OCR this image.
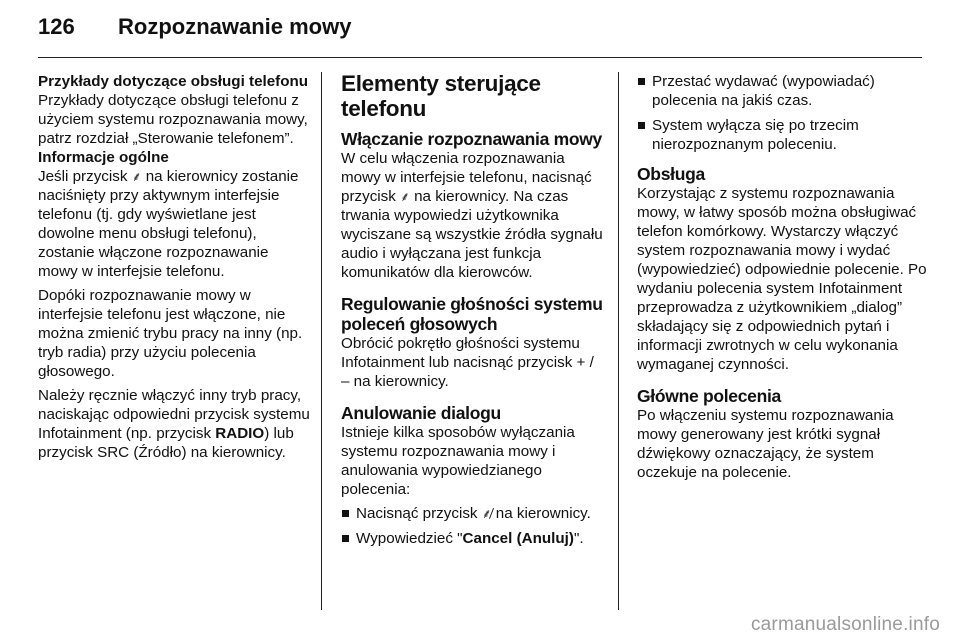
126 Rozpoznawanie mowy
Przykłady dotyczące obsługi telefonu

Przykłady dotyczące obsługi telefonu z użyciem systemu rozpoznawania mowy, patrz rozdział „Sterowanie telefonem”.

Informacje ogólne

Jeśli przycisk ⸙ na kierownicy zostanie naciśnięty przy aktywnym interfejsie telefonu (tj. gdy wyświetlane jest dowolne menu obsługi telefonu), zostanie włączone rozpoznawanie mowy w interfejsie telefonu.

Dopóki rozpoznawanie mowy w interfejsie telefonu jest włączone, nie można zmienić trybu pracy na inny (np. tryb radia) przy użyciu polecenia głosowego.

Należy ręcznie włączyć inny tryb pracy, naciskając odpowiedni przycisk systemu Infotainment (np. przycisk RADIO) lub przycisk SRC (Źródło) na kierownicy.

Elementy sterujące telefonu
Włączanie rozpoznawania mowy

W celu włączenia rozpoznawania mowy w interfejsie telefonu, nacisnąć przycisk ⸙ na kierownicy. Na czas trwania wypowiedzi użytkownika wyciszane są wszystkie źródła sygnału audio i wyłączana jest funkcja komunikatów dla kierowców.

Regulowanie głośności systemu poleceń głosowych

Obrócić pokrętło głośności systemu Infotainment lub nacisnąć przycisk + / – na kierownicy.

Anulowanie dialogu

Istnieje kilka sposobów wyłączania systemu rozpoznawania mowy i anulowania wypowiedzianego polecenia:

Nacisnąć przycisk ⸙̸ na kierownicy.
Wypowiedzieć "Cancel (Anuluj)".
Przestać wydawać (wypowiadać) polecenia na jakiś czas.
System wyłącza się po trzecim nierozpoznanym poleceniu.
Obsługa

Korzystając z systemu rozpoznawania mowy, w łatwy sposób można obsługiwać telefon komórkowy. Wystarczy włączyć system rozpoznawania mowy i wydać (wypowiedzieć) odpowiednie polecenie. Po wydaniu polecenia system Infotainment przeprowadza z użytkownikiem „dialog” składający się z odpowiednich pytań i informacji zwrotnych w celu wykonania wymaganej czynności.

Główne polecenia

Po włączeniu systemu rozpoznawania mowy generowany jest krótki sygnał dźwiękowy oznaczający, że system oczekuje na polecenie.

carmanualsonline.info
